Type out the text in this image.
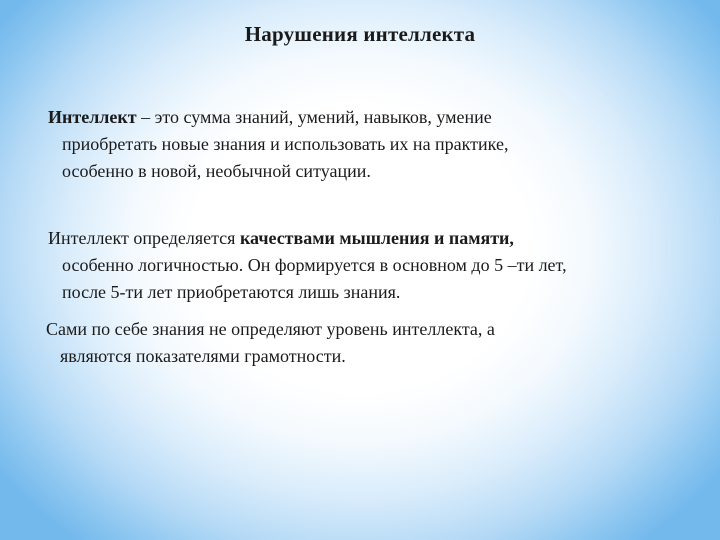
Нарушения интеллекта
Интеллект – это сумма знаний, умений, навыков, умение
приобретать новые знания и использовать их на практике,
особенно в новой, необычной ситуации.
Интеллект определяется качествами мышления и памяти,
особенно логичностью. Он формируется в основном до 5 –ти лет,
после 5-ти лет приобретаются лишь знания.
Сами по себе знания не определяют уровень интеллекта, а
являются показателями грамотности.
